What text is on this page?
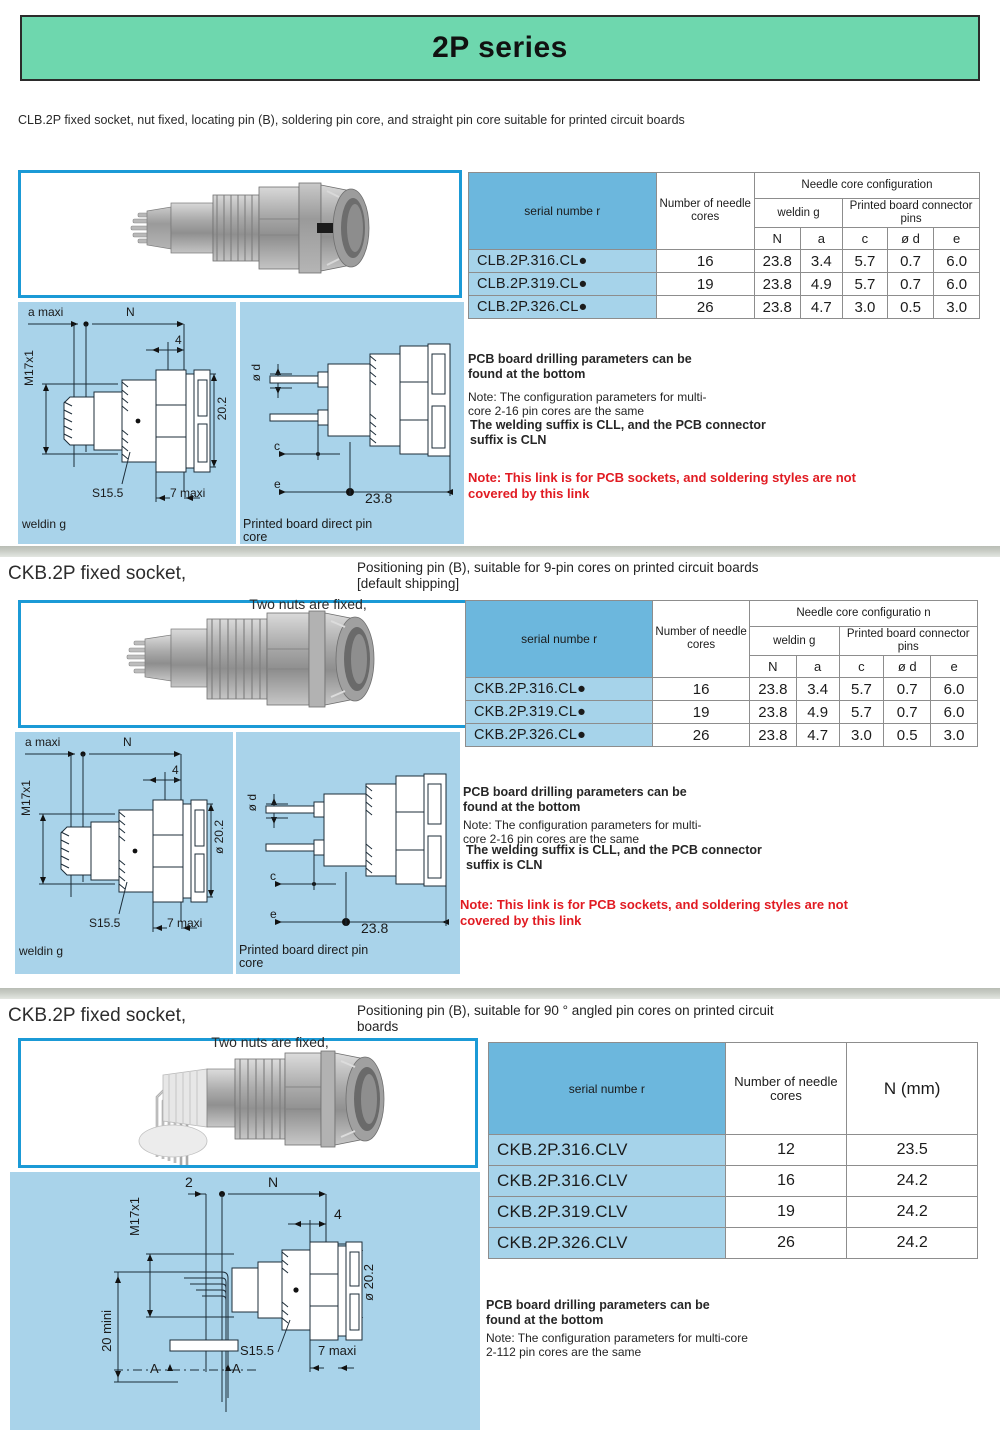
2P series
CLB.2P fixed socket, nut fixed, locating pin (B), soldering pin core, and straight pin core suitable for printed circuit boards
a maxi	N
4
M17x1
20.2
S15.5	7 maxi
weldin g
ø d
c
e
23.8
Printed board direct pin core
serial numbe r	Number of needle cores	Needle core configuration				
		weldin g		Printed board connector pins		
		N	a	c	ø d	e
CLB.2P.316.CL●	16	23.8	3.4	5.7	0.7	6.0
CLB.2P.319.CL●	19	23.8	4.9	5.7	0.7	6.0
CLB.2P.326.CL●	26	23.8	4.7	3.0	0.5	3.0
PCB board drilling parameters can be found at the bottom
Note: The configuration parameters for multi-core 2-16 pin cores are the same
The welding suffix is CLL, and the PCB connector suffix is CLN
Note: This link is for PCB sockets, and soldering styles are not covered by this link
CKB.2P fixed socket,	Positioning pin (B), suitable for 9-pin cores on printed circuit boards [default shipping]
Two nuts are fixed,
a maxi	N
4
M17x1
ø 20.2
S15.5	7 maxi
weldin g
ø d
c
e
23.8
Printed board direct pin core
serial numbe r	Number of needle cores	Needle core configuratio n				
		weldin g		Printed board connector pins		
		N	a	c	ø d	e
CKB.2P.316.CL●	16	23.8	3.4	5.7	0.7	6.0
CKB.2P.319.CL●	19	23.8	4.9	5.7	0.7	6.0
CKB.2P.326.CL●	26	23.8	4.7	3.0	0.5	3.0
PCB board drilling parameters can be found at the bottom
Note: The configuration parameters for multi-core 2-16 pin cores are the same
The welding suffix is CLL, and the PCB connector suffix is CLN
Note: This link is for PCB sockets, and soldering styles are not covered by this link
CKB.2P fixed socket,	Positioning pin (B), suitable for 90 ° angled pin cores on printed circuit boards
Two nuts are fixed,
2	N
4
M17x1
ø 20.2
20 mini	S15.5	7 maxi
A	A
serial numbe r	Number of needle cores	N (mm)
CKB.2P.316.CLV	12	23.5
CKB.2P.316.CLV	16	24.2
CKB.2P.319.CLV	19	24.2
CKB.2P.326.CLV	26	24.2
PCB board drilling parameters can be found at the bottom
Note: The configuration parameters for multi-core 2-112 pin cores are the same
